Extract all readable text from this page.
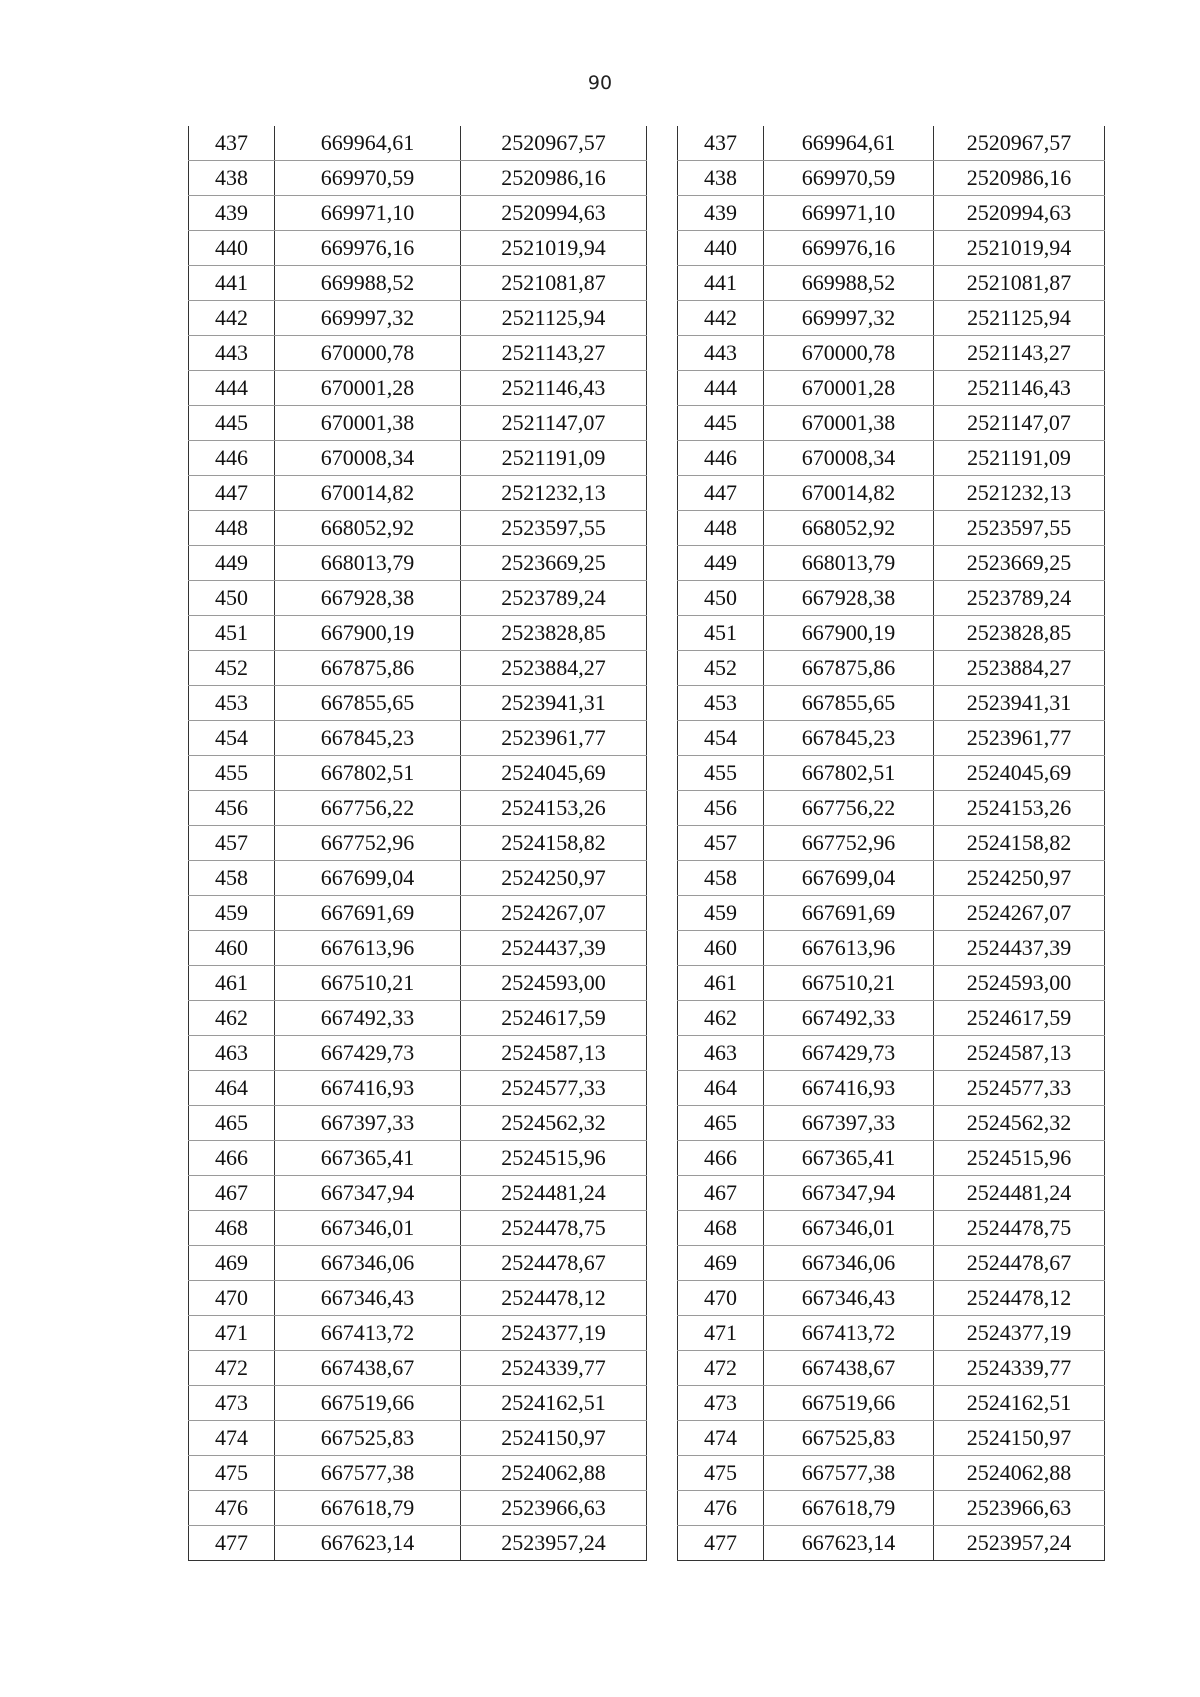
90
437	669964,61	2520967,57
438	669970,59	2520986,16
439	669971,10	2520994,63
440	669976,16	2521019,94
441	669988,52	2521081,87
442	669997,32	2521125,94
443	670000,78	2521143,27
444	670001,28	2521146,43
445	670001,38	2521147,07
446	670008,34	2521191,09
447	670014,82	2521232,13
448	668052,92	2523597,55
449	668013,79	2523669,25
450	667928,38	2523789,24
451	667900,19	2523828,85
452	667875,86	2523884,27
453	667855,65	2523941,31
454	667845,23	2523961,77
455	667802,51	2524045,69
456	667756,22	2524153,26
457	667752,96	2524158,82
458	667699,04	2524250,97
459	667691,69	2524267,07
460	667613,96	2524437,39
461	667510,21	2524593,00
462	667492,33	2524617,59
463	667429,73	2524587,13
464	667416,93	2524577,33
465	667397,33	2524562,32
466	667365,41	2524515,96
467	667347,94	2524481,24
468	667346,01	2524478,75
469	667346,06	2524478,67
470	667346,43	2524478,12
471	667413,72	2524377,19
472	667438,67	2524339,77
473	667519,66	2524162,51
474	667525,83	2524150,97
475	667577,38	2524062,88
476	667618,79	2523966,63
477	667623,14	2523957,24
437	669964,61	2520967,57
438	669970,59	2520986,16
439	669971,10	2520994,63
440	669976,16	2521019,94
441	669988,52	2521081,87
442	669997,32	2521125,94
443	670000,78	2521143,27
444	670001,28	2521146,43
445	670001,38	2521147,07
446	670008,34	2521191,09
447	670014,82	2521232,13
448	668052,92	2523597,55
449	668013,79	2523669,25
450	667928,38	2523789,24
451	667900,19	2523828,85
452	667875,86	2523884,27
453	667855,65	2523941,31
454	667845,23	2523961,77
455	667802,51	2524045,69
456	667756,22	2524153,26
457	667752,96	2524158,82
458	667699,04	2524250,97
459	667691,69	2524267,07
460	667613,96	2524437,39
461	667510,21	2524593,00
462	667492,33	2524617,59
463	667429,73	2524587,13
464	667416,93	2524577,33
465	667397,33	2524562,32
466	667365,41	2524515,96
467	667347,94	2524481,24
468	667346,01	2524478,75
469	667346,06	2524478,67
470	667346,43	2524478,12
471	667413,72	2524377,19
472	667438,67	2524339,77
473	667519,66	2524162,51
474	667525,83	2524150,97
475	667577,38	2524062,88
476	667618,79	2523966,63
477	667623,14	2523957,24
